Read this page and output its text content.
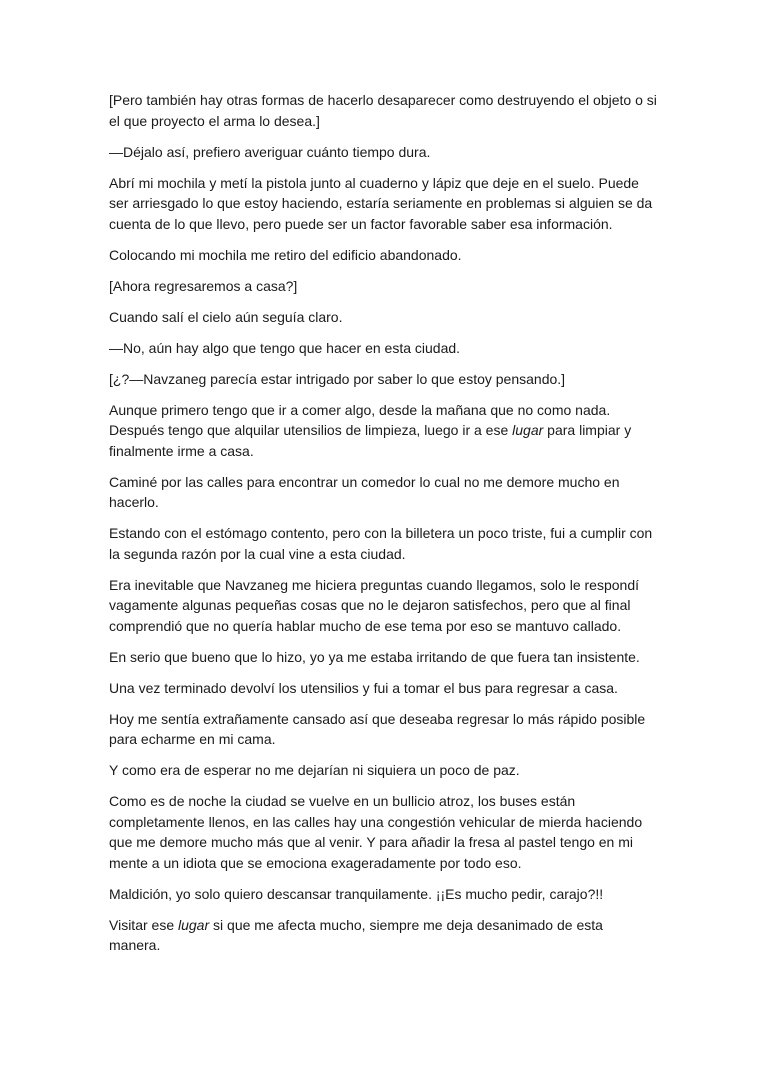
[Pero también hay otras formas de hacerlo desaparecer como destruyendo el objeto o si el que proyecto el arma lo desea.]

—Déjalo así, prefiero averiguar cuánto tiempo dura.

Abrí mi mochila y metí la pistola junto al cuaderno y lápiz que deje en el suelo. Puede ser arriesgado lo que estoy haciendo, estaría seriamente en problemas si alguien se da cuenta de lo que llevo, pero puede ser un factor favorable saber esa información.

Colocando mi mochila me retiro del edificio abandonado.

[Ahora regresaremos a casa?]

Cuando salí el cielo aún seguía claro.

—No, aún hay algo que tengo que hacer en esta ciudad.

[¿?—Navzaneg parecía estar intrigado por saber lo que estoy pensando.]

Aunque primero tengo que ir a comer algo, desde la mañana que no como nada. Después tengo que alquilar utensilios de limpieza, luego ir a ese lugar para limpiar y finalmente irme a casa.

Caminé por las calles para encontrar un comedor lo cual no me demore mucho en hacerlo.

Estando con el estómago contento, pero con la billetera un poco triste, fui a cumplir con la segunda razón por la cual vine a esta ciudad.

Era inevitable que Navzaneg me hiciera preguntas cuando llegamos, solo le respondí vagamente algunas pequeñas cosas que no le dejaron satisfechos, pero que al final comprendió que no quería hablar mucho de ese tema por eso se mantuvo callado.

En serio que bueno que lo hizo, yo ya me estaba irritando de que fuera tan insistente.

Una vez terminado devolví los utensilios y fui a tomar el bus para regresar a casa.

Hoy me sentía extrañamente cansado así que deseaba regresar lo más rápido posible para echarme en mi cama.

Y como era de esperar no me dejarían ni siquiera un poco de paz.

Como es de noche la ciudad se vuelve en un bullicio atroz, los buses están completamente llenos, en las calles hay una congestión vehicular de mierda haciendo que me demore mucho más que al venir. Y para añadir la fresa al pastel tengo en mi mente a un idiota que se emociona exageradamente por todo eso.

Maldición, yo solo quiero descansar tranquilamente. ¡¡Es mucho pedir, carajo?!!

Visitar ese lugar si que me afecta mucho, siempre me deja desanimado de esta manera.
